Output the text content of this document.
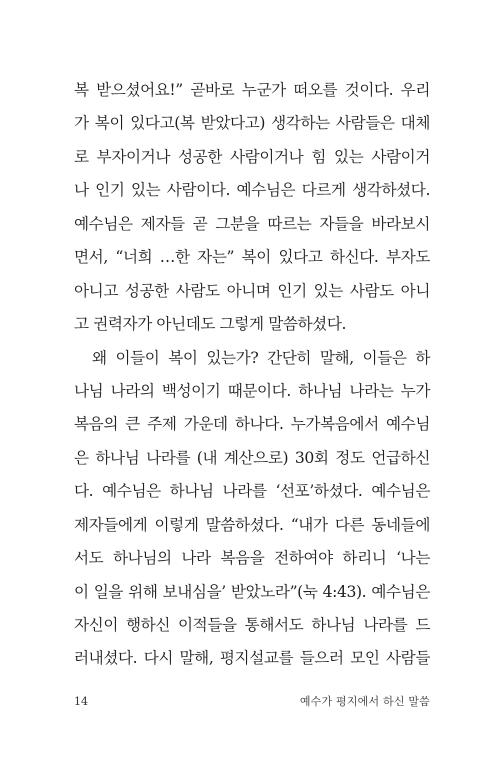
복 받으셨어요!” 곧바로 누군가 떠오를 것이다. 우리
가 복이 있다고(복 받았다고) 생각하는 사람들은 대체
로 부자이거나 성공한 사람이거나 힘 있는 사람이거
나 인기 있는 사람이다. 예수님은 다르게 생각하셨다.
예수님은 제자들 곧 그분을 따르는 자들을 바라보시
면서, “너희 …한 자는” 복이 있다고 하신다. 부자도
아니고 성공한 사람도 아니며 인기 있는 사람도 아니
고 권력자가 아닌데도 그렇게 말씀하셨다.
왜 이들이 복이 있는가? 간단히 말해, 이들은 하
나님 나라의 백성이기 때문이다. 하나님 나라는 누가
복음의 큰 주제 가운데 하나다. 누가복음에서 예수님
은 하나님 나라를 (내 계산으로) 30회 정도 언급하신
다. 예수님은 하나님 나라를 ‘선포’하셨다. 예수님은
제자들에게 이렇게 말씀하셨다. “내가 다른 동네들에
서도 하나님의 나라 복음을 전하여야 하리니 ‘나는
이 일을 위해 보내심을’ 받았노라”(눅 4:43). 예수님은
자신이 행하신 이적들을 통해서도 하나님 나라를 드
러내셨다. 다시 말해, 평지설교를 들으러 모인 사람들
14	예수가 평지에서 하신 말씀
